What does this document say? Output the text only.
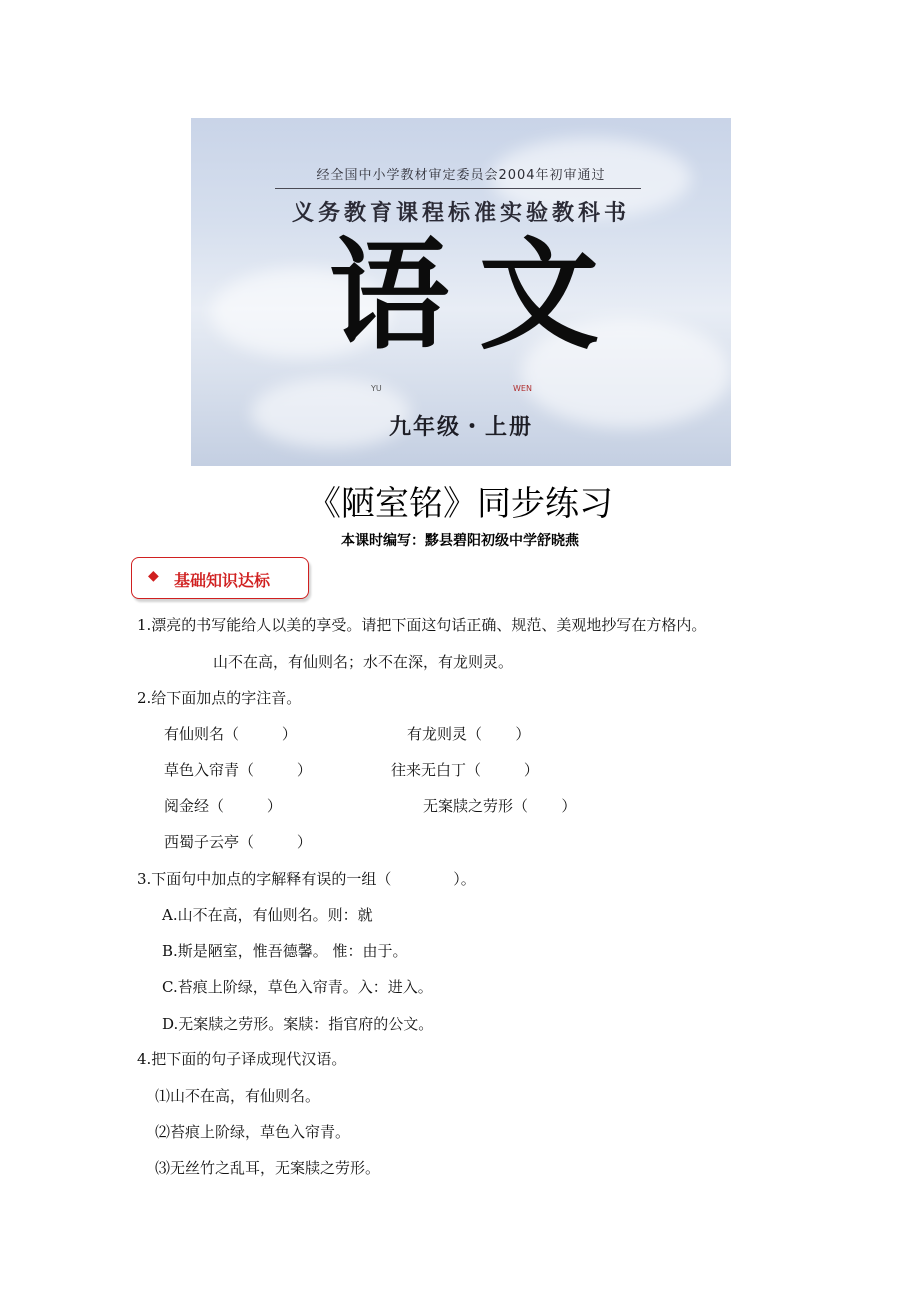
经全国中小学教材审定委员会2004年初审通过
义务教育课程标准实验教科书
语 文
YU	WEN
九年级・上册
《陋室铭》同步练习
本课时编写：黟县碧阳初级中学舒晓燕
◆ 基础知识达标
1.漂亮的书写能给人以美的享受。请把下面这句话正确、规范、美观地抄写在方格内。
山不在高，有仙则名；水不在深，有龙则灵。
2.给下面加点的字注音。
有仙则名（         ）	有龙则灵（       ）
草色入帘青（         ）	往来无白丁（         ）
阅金经（         ）	无案牍之劳形（       ）
西蜀子云亭（         ）
3.下面句中加点的字解释有误的一组（             ）。
A.山不在高，有仙则名。则：就
B.斯是陋室，惟吾德馨。 惟：由于。
C.苔痕上阶绿，草色入帘青。入：进入。
D.无案牍之劳形。案牍：指官府的公文。
4.把下面的句子译成现代汉语。
⑴山不在高，有仙则名。
⑵苔痕上阶绿，草色入帘青。
⑶无丝竹之乱耳，无案牍之劳形。
